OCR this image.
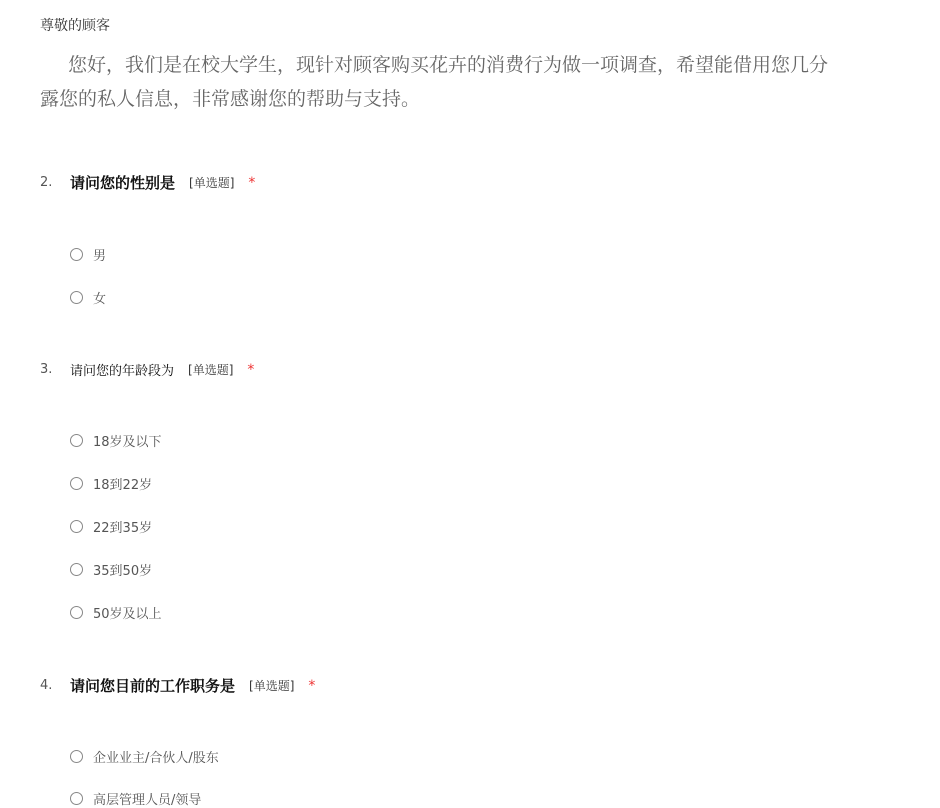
尊敬的顾客
您好，我们是在校大学生，现针对顾客购买花卉的消费行为做一项调查，希望能借用您几分
露您的私人信息，非常感谢您的帮助与支持。
2.	请问您的性别是 [单选题] *
男
女
3.	请问您的年龄段为 [单选题] *
18岁及以下
18到22岁
22到35岁
35到50岁
50岁及以上
4.	请问您目前的工作职务是 [单选题] *
企业业主/合伙人/股东
高层管理人员/领导
